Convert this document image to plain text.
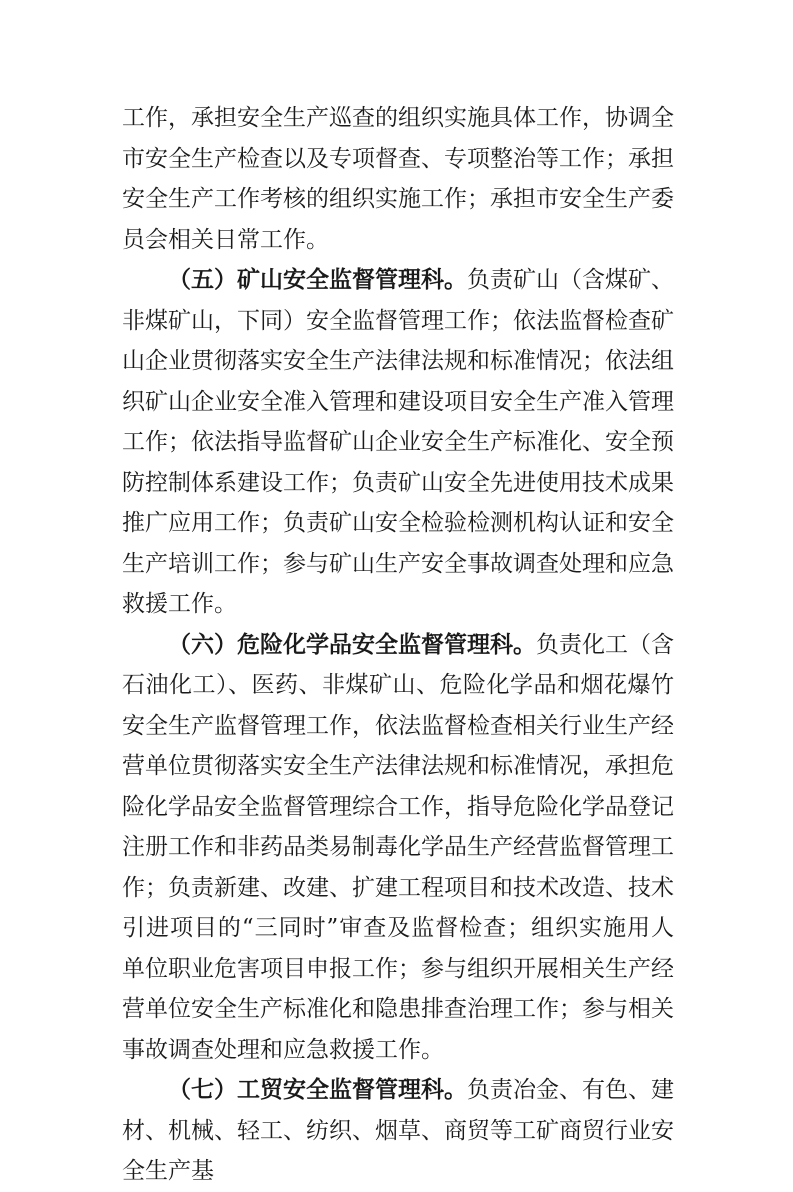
工作，承担安全生产巡查的组织实施具体工作，协调全市安全生产检查以及专项督查、专项整治等工作；承担安全生产工作考核的组织实施工作；承担市安全生产委员会相关日常工作。

（五）矿山安全监督管理科。负责矿山（含煤矿、非煤矿山，下同）安全监督管理工作；依法监督检查矿山企业贯彻落实安全生产法律法规和标准情况；依法组织矿山企业安全准入管理和建设项目安全生产准入管理工作；依法指导监督矿山企业安全生产标准化、安全预防控制体系建设工作；负责矿山安全先进使用技术成果推广应用工作；负责矿山安全检验检测机构认证和安全生产培训工作；参与矿山生产安全事故调查处理和应急救援工作。

（六）危险化学品安全监督管理科。负责化工（含石油化工）、医药、非煤矿山、危险化学品和烟花爆竹安全生产监督管理工作，依法监督检查相关行业生产经营单位贯彻落实安全生产法律法规和标准情况，承担危险化学品安全监督管理综合工作，指导危险化学品登记注册工作和非药品类易制毒化学品生产经营监督管理工作；负责新建、改建、扩建工程项目和技术改造、技术引进项目的“三同时”审查及监督检查；组织实施用人单位职业危害项目申报工作；参与组织开展相关生产经营单位安全生产标准化和隐患排查治理工作；参与相关事故调查处理和应急救援工作。

（七）工贸安全监督管理科。负责冶金、有色、建材、机械、轻工、纺织、烟草、商贸等工矿商贸行业安全生产基
